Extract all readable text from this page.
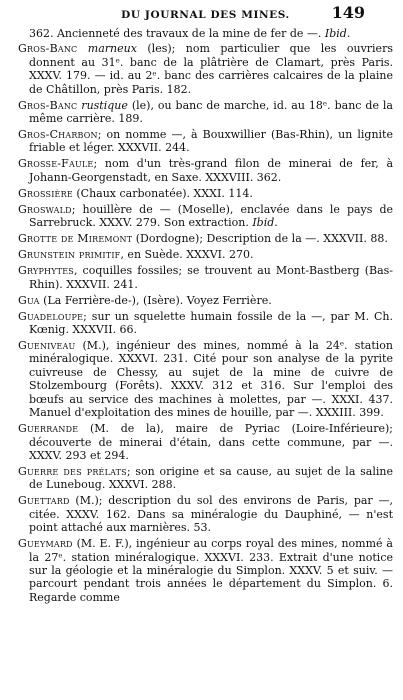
DU JOURNAL DES MINES.	149

362. Ancienneté des travaux de la mine de fer de —. Ibid.

Gros-Banc marneux (les); nom particulier que les ouvriers donnent au 31ᵉ. banc de la plâtrière de Clamart, près Paris. XXXV. 179. — id. au 2ᵉ. banc des carrières calcaires de la plaine de Châtillon, près Paris. 182.

Gros-Banc rustique (le), ou banc de marche, id. au 18ᵉ. banc de la même carrière. 189.

Gros-Charbon; on nomme —, à Bouxwillier (Bas-Rhin), un lignite friable et léger. XXXVII. 244.

Grosse-Faule; nom d'un très-grand filon de minerai de fer, à Johann-Georgenstadt, en Saxe. XXXVIII. 362.

Grossière (Chaux carbonatée). XXXI. 114.

Groswald; houillère de — (Moselle), enclavée dans le pays de Sarrebruck. XXXV. 279. Son extraction. Ibid.

Grotte de Miremont (Dordogne); Description de la —. XXXVII. 88.

Grunstein primitif, en Suède. XXXVI. 270.

Gryphytes, coquilles fossiles; se trouvent au Mont-Bastberg (Bas-Rhin). XXXVII. 241.

Gua (La Ferrière-de-), (Isère). Voyez Ferrière.

Guadeloupe; sur un squelette humain fossile de la —, par M. Ch. Kœnig. XXXVII. 66.

Gueniveau (M.), ingénieur des mines, nommé à la 24ᵉ. station minéralogique. XXXVI. 231. Cité pour son analyse de la pyrite cuivreuse de Chessy, au sujet de la mine de cuivre de Stolzembourg (Forêts). XXXV. 312 et 316. Sur l'emploi des bœufs au service des machines à molettes, par —. XXXI. 437. Manuel d'exploitation des mines de houille, par —. XXXIII. 399.

Guerrande (M. de la), maire de Pyriac (Loire-Inférieure); découverte de minerai d'étain, dans cette commune, par —. XXXV. 293 et 294.

Guerre des prélats; son origine et sa cause, au sujet de la saline de Luneboug. XXXVI. 288.

Guettard (M.); description du sol des environs de Paris, par —, citée. XXXV. 162. Dans sa minéralogie du Dauphiné, — n'est point attaché aux marnières. 53.

Gueymard (M. E. F.), ingénieur au corps royal des mines, nommé à la 27ᵉ. station minéralogique. XXXVI. 233. Extrait d'une notice sur la géologie et la minéralogie du Simplon. XXXV. 5 et suiv. — parcourt pendant trois années le département du Simplon. 6. Regarde comme
